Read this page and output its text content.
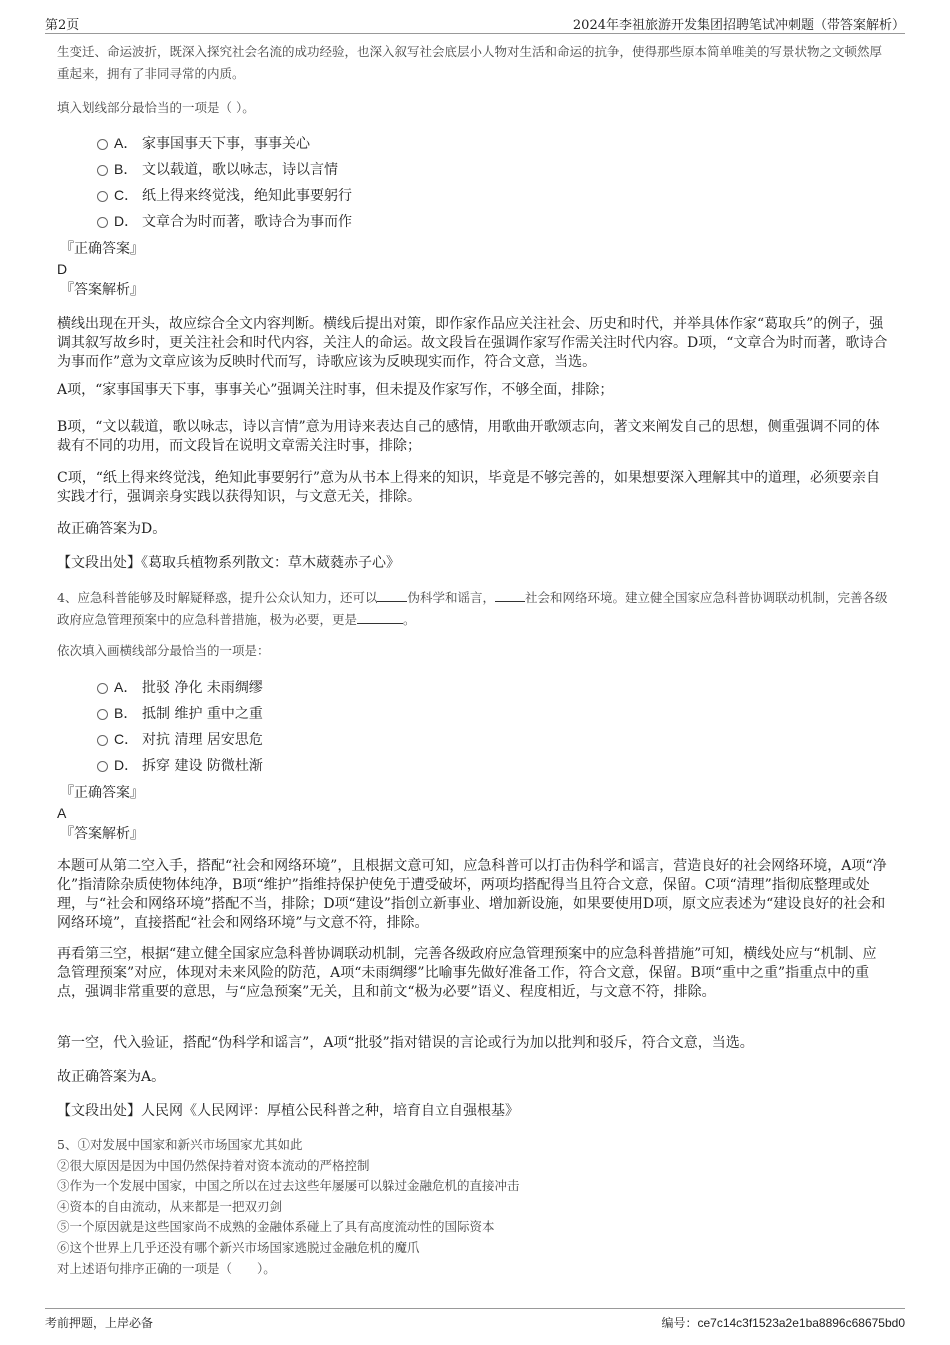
第2页	2024年李祖旅游开发集团招聘笔试冲刺题（带答案解析）
生变迁、命运波折，既深入探究社会名流的成功经验，也深入叙写社会底层小人物对生活和命运的抗争，使得那些原本简单唯美的写景状物之文顿然厚重起来，拥有了非同寻常的内质。
填入划线部分最恰当的一项是（ ）。
A． 家事国事天下事，事事关心
B． 文以载道，歌以咏志，诗以言情
C． 纸上得来终觉浅，绝知此事要躬行
D． 文章合为时而著，歌诗合为事而作
『正确答案』
D
『答案解析』
横线出现在开头，故应综合全文内容判断。横线后提出对策，即作家作品应关注社会、历史和时代，并举具体作家“葛取兵”的例子，强调其叙写故乡时，更关注社会和时代内容，关注人的命运。故文段旨在强调作家写作需关注时代内容。D项，“文章合为时而著，歌诗合为事而作”意为文章应该为反映时代而写，诗歌应该为反映现实而作，符合文意，当选。
A项，“家事国事天下事，事事关心”强调关注时事，但未提及作家写作，不够全面，排除；
B项，“文以载道，歌以咏志，诗以言情”意为用诗来表达自己的感情，用歌曲开歌颂志向，著文来阐发自己的思想，侧重强调不同的体裁有不同的功用，而文段旨在说明文章需关注时事，排除；
C项，“纸上得来终觉浅，绝知此事要躬行”意为从书本上得来的知识，毕竟是不够完善的，如果想要深入理解其中的道理，必须要亲自实践才行，强调亲身实践以获得知识，与文意无关，排除。
故正确答案为D。
【文段出处】《葛取兵植物系列散文：草木葳蕤赤子心》
4、应急科普能够及时解疑释惑，提升公众认知力，还可以 伪科学和谣言， 社会和网络环境。建立健全国家应急科普协调联动机制，完善各级政府应急管理预案中的应急科普措施，极为必要，更是	。
依次填入画横线部分最恰当的一项是：
A． 批驳 净化 未雨绸缪
B． 抵制 维护 重中之重
C． 对抗 清理 居安思危
D． 拆穿 建设 防微杜渐
『正确答案』
A
『答案解析』
本题可从第二空入手，搭配“社会和网络环境”，且根据文意可知，应急科普可以打击伪科学和谣言，营造良好的社会网络环境，A项“净化”指清除杂质使物体纯净，B项“维护”指维持保护使免于遭受破坏，两项均搭配得当且符合文意，保留。C项“清理”指彻底整理或处理，与“社会和网络环境”搭配不当，排除；D项“建设”指创立新事业、增加新设施，如果要使用D项，原文应表述为“建设良好的社会和网络环境”，直接搭配“社会和网络环境”与文意不符，排除。
再看第三空，根据“建立健全国家应急科普协调联动机制，完善各级政府应急管理预案中的应急科普措施”可知，横线处应与“机制、应急管理预案”对应，体现对未来风险的防范，A项“未雨绸缪”比喻事先做好准备工作，符合文意，保留。B项“重中之重”指重点中的重点，强调非常重要的意思，与“应急预案”无关，且和前文“极为必要”语义、程度相近，与文意不符，排除。
第一空，代入验证，搭配“伪科学和谣言”，A项“批驳”指对错误的言论或行为加以批判和驳斥，符合文意，当选。
故正确答案为A。
【文段出处】人民网《人民网评：厚植公民科普之种，培育自立自强根基》
5、①对发展中国家和新兴市场国家尤其如此
②很大原因是因为中国仍然保持着对资本流动的严格控制
③作为一个发展中国家，中国之所以在过去这些年屡屡可以躲过金融危机的直接冲击
④资本的自由流动，从来都是一把双刃剑
⑤一个原因就是这些国家尚不成熟的金融体系碰上了具有高度流动性的国际资本
⑥这个世界上几乎还没有哪个新兴市场国家逃脱过金融危机的魔爪
对上述语句排序正确的一项是（　　）。
考前押题，上岸必备	编号：ce7c14c3f1523a2e1ba8896c68675bd0
